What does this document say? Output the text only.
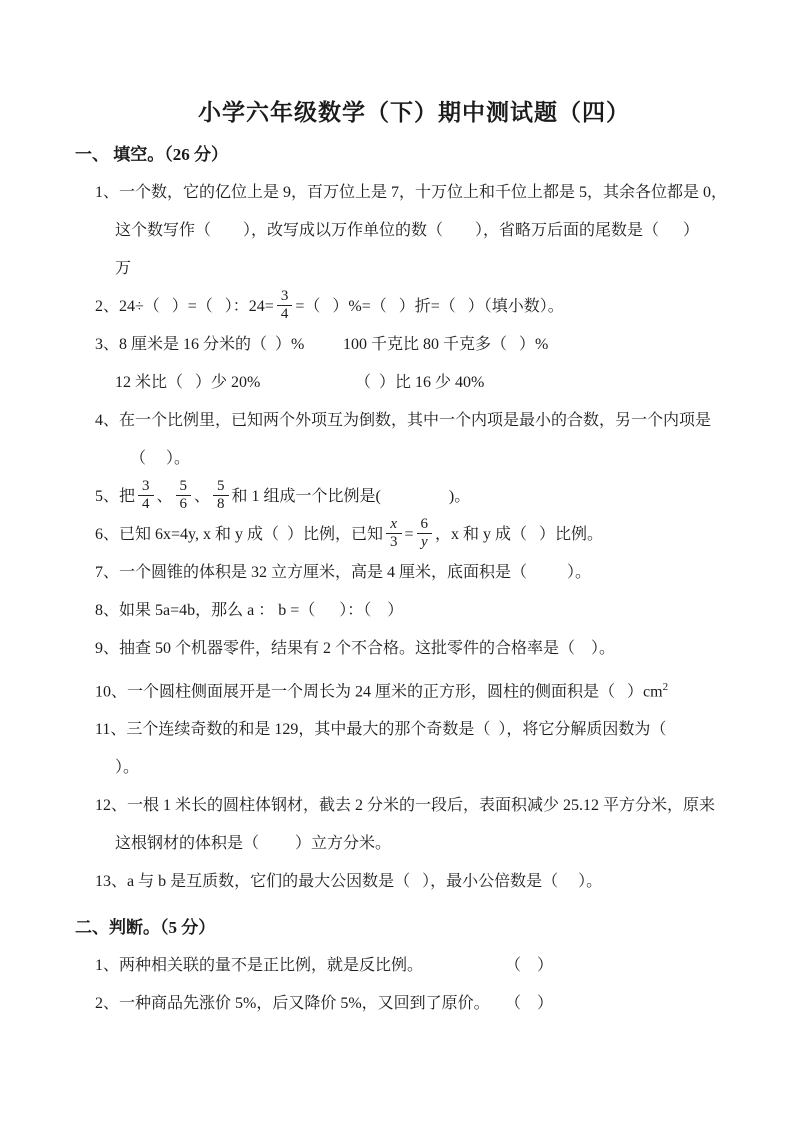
小学六年级数学（下）期中测试题（四）
一、 填空。（26 分）
1、一个数，它的亿位上是 9，百万位上是 7，十万位上和千位上都是 5，其余各位都是 0，
这个数写作（        ），改写成以万作单位的数（        ），省略万后面的尾数是（      ）
万
2、24÷（   ）=（   ）：$24= \frac{3}{4}$ =（   ）%=（   ）折=（   ）（填小数）。
3、8 厘米是 16 分米的（  ）%	100 千克比 80 千克多（   ）%
12 米比（   ）少 20%	（  ）比 16 少 40%
4、在一个比例里，已知两个外项互为倒数，其中一个内项是最小的合数，另一个内项是
（     ）。
5、把 $\frac{3}{4}$ 、 $\frac{5}{6}$ 、 $\frac{5}{8}$ 和 1 组成一个比例是(                 )。
6、已知 6x=4y, x 和 y 成（  ）比例，已知 $\frac{x}{3} = \frac{6}{y}$ ，x 和 y 成（   ）比例。
7、一个圆锥的体积是 32 立方厘米，高是 4 厘米，底面积是（          ）。
8、如果 5a=4b，那么 a ： b =（      ）：（    ）
9、抽查 50 个机器零件，结果有 2 个不合格。这批零件的合格率是（    ）。
10、一个圆柱侧面展开是一个周长为 24 厘米的正方形，圆柱的侧面积是（   ）$cm^2$
11、三个连续奇数的和是 129，其中最大的那个奇数是（  ），将它分解质因数为（
）。
12、一根 1 米长的圆柱体钢材，截去 2 分米的一段后，表面积减少 25.12 平方分米，原来
这根钢材的体积是（         ）立方分米。
13、a 与 b 是互质数，它们的最大公因数是（   ），最小公倍数是（     ）。
二、判断。（5 分）
1、两种相关联的量不是正比例，就是反比例。	（    ）
2、一种商品先涨价 5%，后又降价 5%，又回到了原价。 （    ）
